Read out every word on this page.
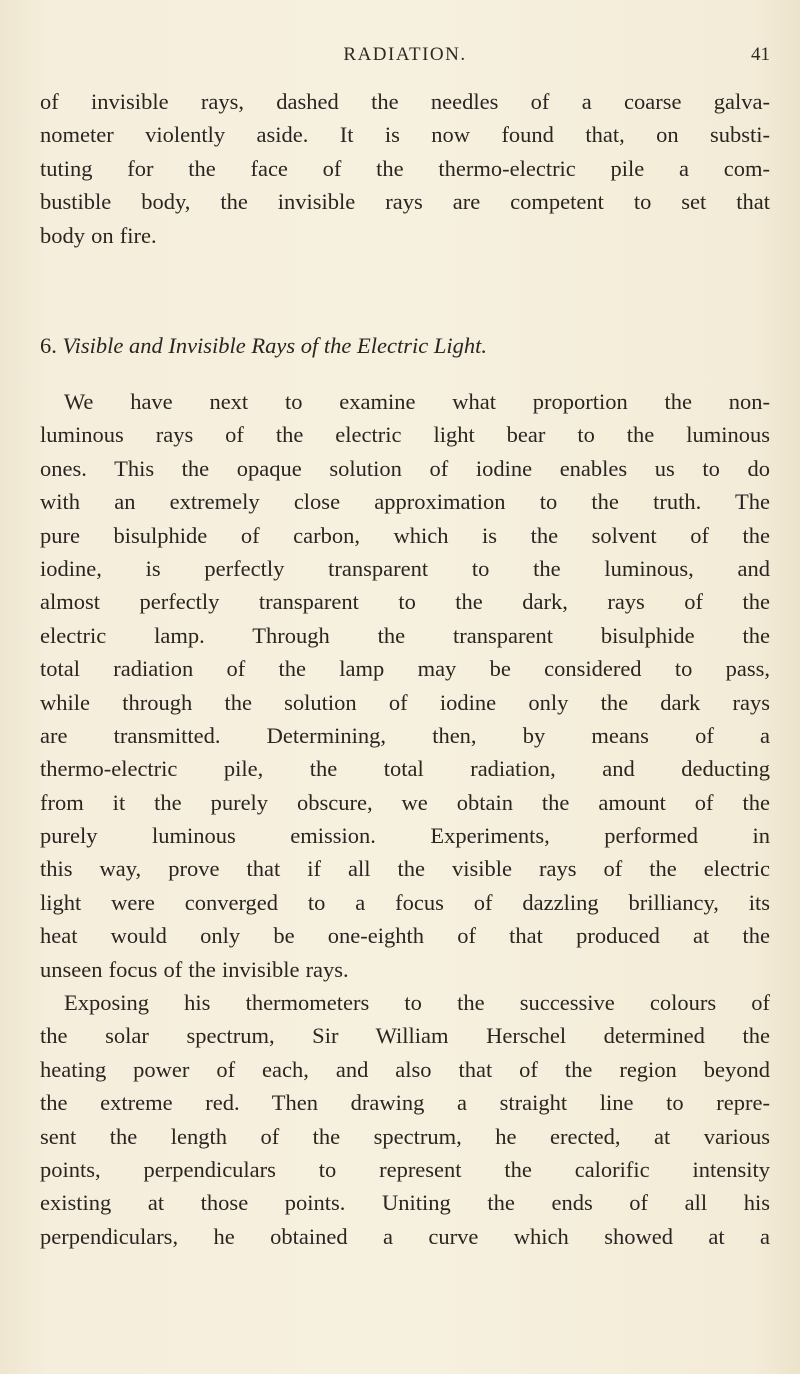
RADIATION.	41
of invisible rays, dashed the needles of a coarse galva-
nometer violently aside. It is now found that, on substi-
tuting for the face of the thermo-electric pile a com-
bustible body, the invisible rays are competent to set that
body on fire.
6. Visible and Invisible Rays of the Electric Light.
We have next to examine what proportion the non-
luminous rays of the electric light bear to the luminous
ones. This the opaque solution of iodine enables us to do
with an extremely close approximation to the truth. The
pure bisulphide of carbon, which is the solvent of the
iodine, is perfectly transparent to the luminous, and
almost perfectly transparent to the dark, rays of the
electric lamp. Through the transparent bisulphide the
total radiation of the lamp may be considered to pass,
while through the solution of iodine only the dark rays
are transmitted. Determining, then, by means of a
thermo-electric pile, the total radiation, and deducting
from it the purely obscure, we obtain the amount of the
purely luminous emission. Experiments, performed in
this way, prove that if all the visible rays of the electric
light were converged to a focus of dazzling brilliancy, its
heat would only be one-eighth of that produced at the
unseen focus of the invisible rays.
Exposing his thermometers to the successive colours of
the solar spectrum, Sir William Herschel determined the
heating power of each, and also that of the region beyond
the extreme red. Then drawing a straight line to repre-
sent the length of the spectrum, he erected, at various
points, perpendiculars to represent the calorific intensity
existing at those points. Uniting the ends of all his
perpendiculars, he obtained a curve which showed at a
